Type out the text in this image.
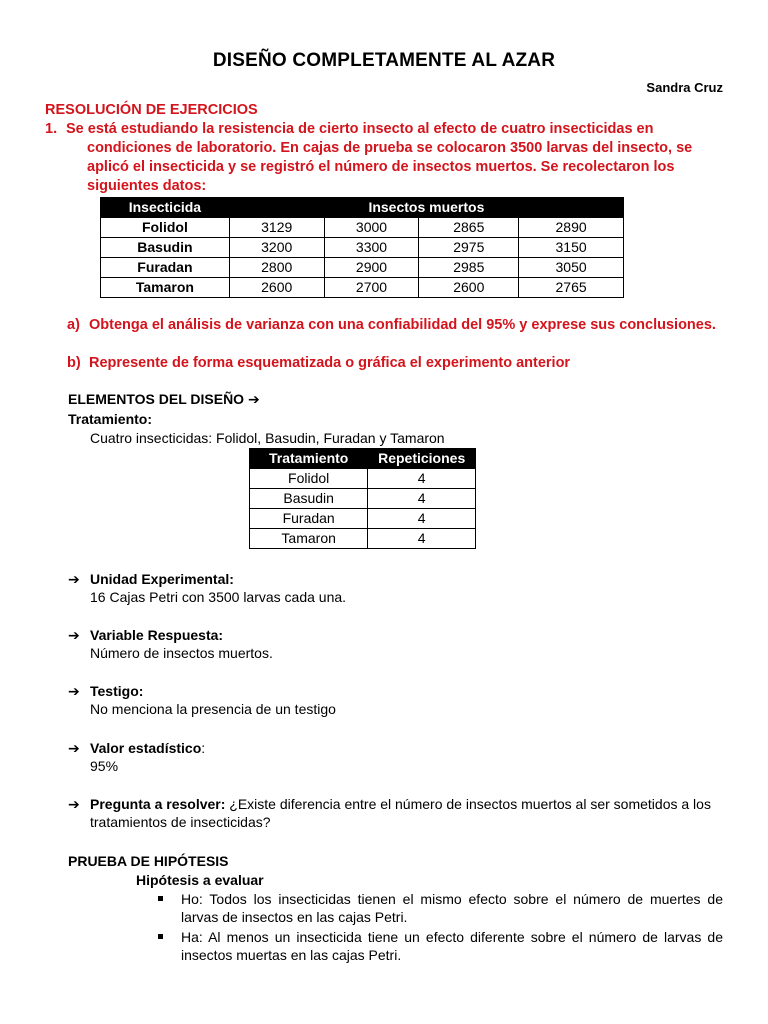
DISEÑO COMPLETAMENTE AL AZAR
Sandra Cruz
RESOLUCIÓN DE EJERCICIOS
1. Se está estudiando la resistencia de cierto insecto al efecto de cuatro insecticidas en condiciones de laboratorio. En cajas de prueba se colocaron 3500 larvas del insecto, se aplicó el insecticida y se registró el número de insectos muertos. Se recolectaron los siguientes datos:
Insecticida	Insectos muertos			
Folidol	3129	3000	2865	2890
Basudin	3200	3300	2975	3150
Furadan	2800	2900	2985	3050
Tamaron	2600	2700	2600	2765
a) Obtenga el análisis de varianza con una confiabilidad del 95% y exprese sus conclusiones.
b) Represente de forma esquematizada o gráfica el experimento anterior
ELEMENTOS DEL DISEÑO ➔
Tratamiento:
Cuatro insecticidas: Folidol, Basudin, Furadan y Tamaron
Tratamiento	Repeticiones
Folidol	4
Basudin	4
Furadan	4
Tamaron	4
➔ Unidad Experimental:
16 Cajas Petri con 3500 larvas cada una.
➔ Variable Respuesta:
Número de insectos muertos.
➔ Testigo:
No menciona la presencia de un testigo
➔ Valor estadístico:
95%
➔ Pregunta a resolver: ¿Existe diferencia entre el número de insectos muertos al ser sometidos a los tratamientos de insecticidas?
PRUEBA DE HIPÓTESIS
Hipótesis a evaluar
Ho: Todos los insecticidas tienen el mismo efecto sobre el número de muertes de larvas de insectos en las cajas Petri.
Ha: Al menos un insecticida tiene un efecto diferente sobre el número de larvas de insectos muertas en las cajas Petri.
